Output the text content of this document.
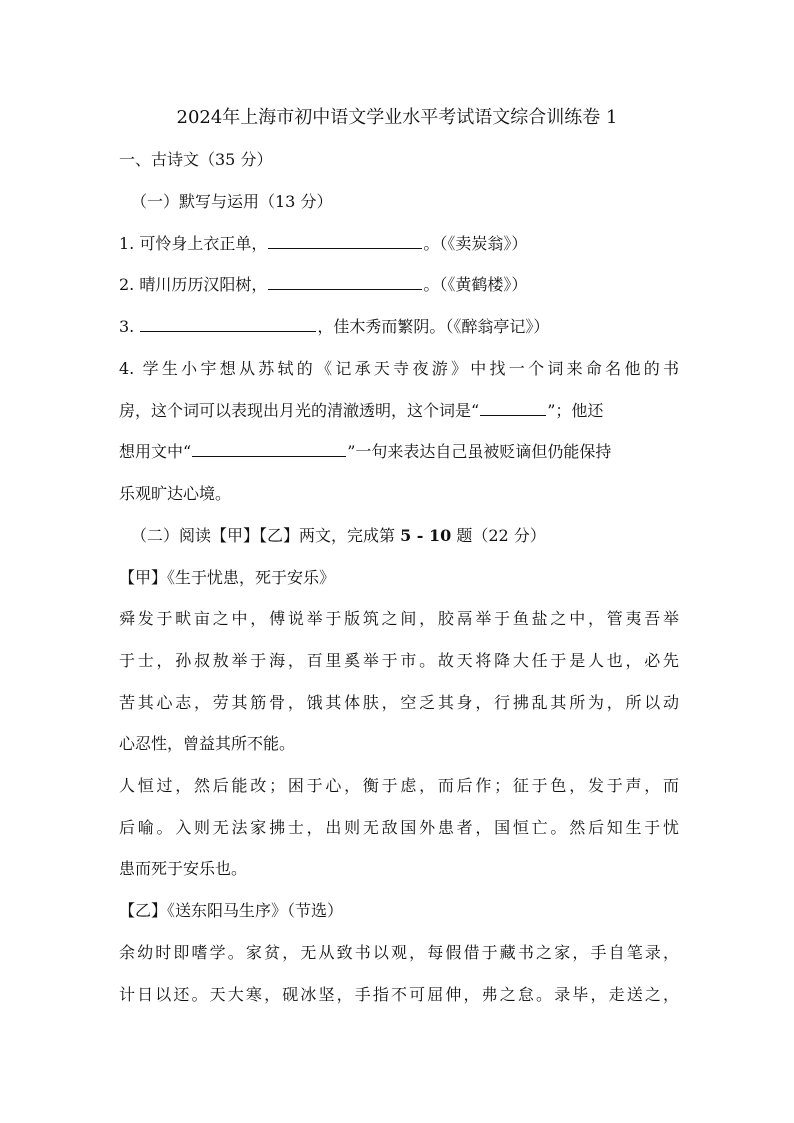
2024年上海市初中语文学业水平考试语文综合训练卷 1
一、古诗文（35 分）
（一）默写与运用（13 分）
1. 可怜身上衣正单，	。（《卖炭翁》）
2. 晴川历历汉阳树，	。（《黄鹤楼》）
3.	，佳木秀而繁阴。（《醉翁亭记》）
4. 学生小宇想从苏轼的《记承天寺夜游》中找一个词来命名他的书
房，这个词可以表现出月光的清澈透明，这个词是“	”；他还
想用文中“	”一句来表达自己虽被贬谪但仍能保持
乐观旷达心境。
（二）阅读【甲】【乙】两文，完成第 5 - 10 题（22 分）
【甲】《生于忧患，死于安乐》
舜发于畎亩之中，傅说举于版筑之间，胶鬲举于鱼盐之中，管夷吾举
于士，孙叔敖举于海，百里奚举于市。故天将降大任于是人也，必先
苦其心志，劳其筋骨，饿其体肤，空乏其身，行拂乱其所为，所以动
心忍性，曾益其所不能。
人恒过，然后能改；困于心，衡于虑，而后作；征于色，发于声，而
后喻。入则无法家拂士，出则无敌国外患者，国恒亡。然后知生于忧
患而死于安乐也。
【乙】《送东阳马生序》（节选）
余幼时即嗜学。家贫，无从致书以观，每假借于藏书之家，手自笔录，
计日以还。天大寒，砚冰坚，手指不可屈伸，弗之怠。录毕，走送之，
